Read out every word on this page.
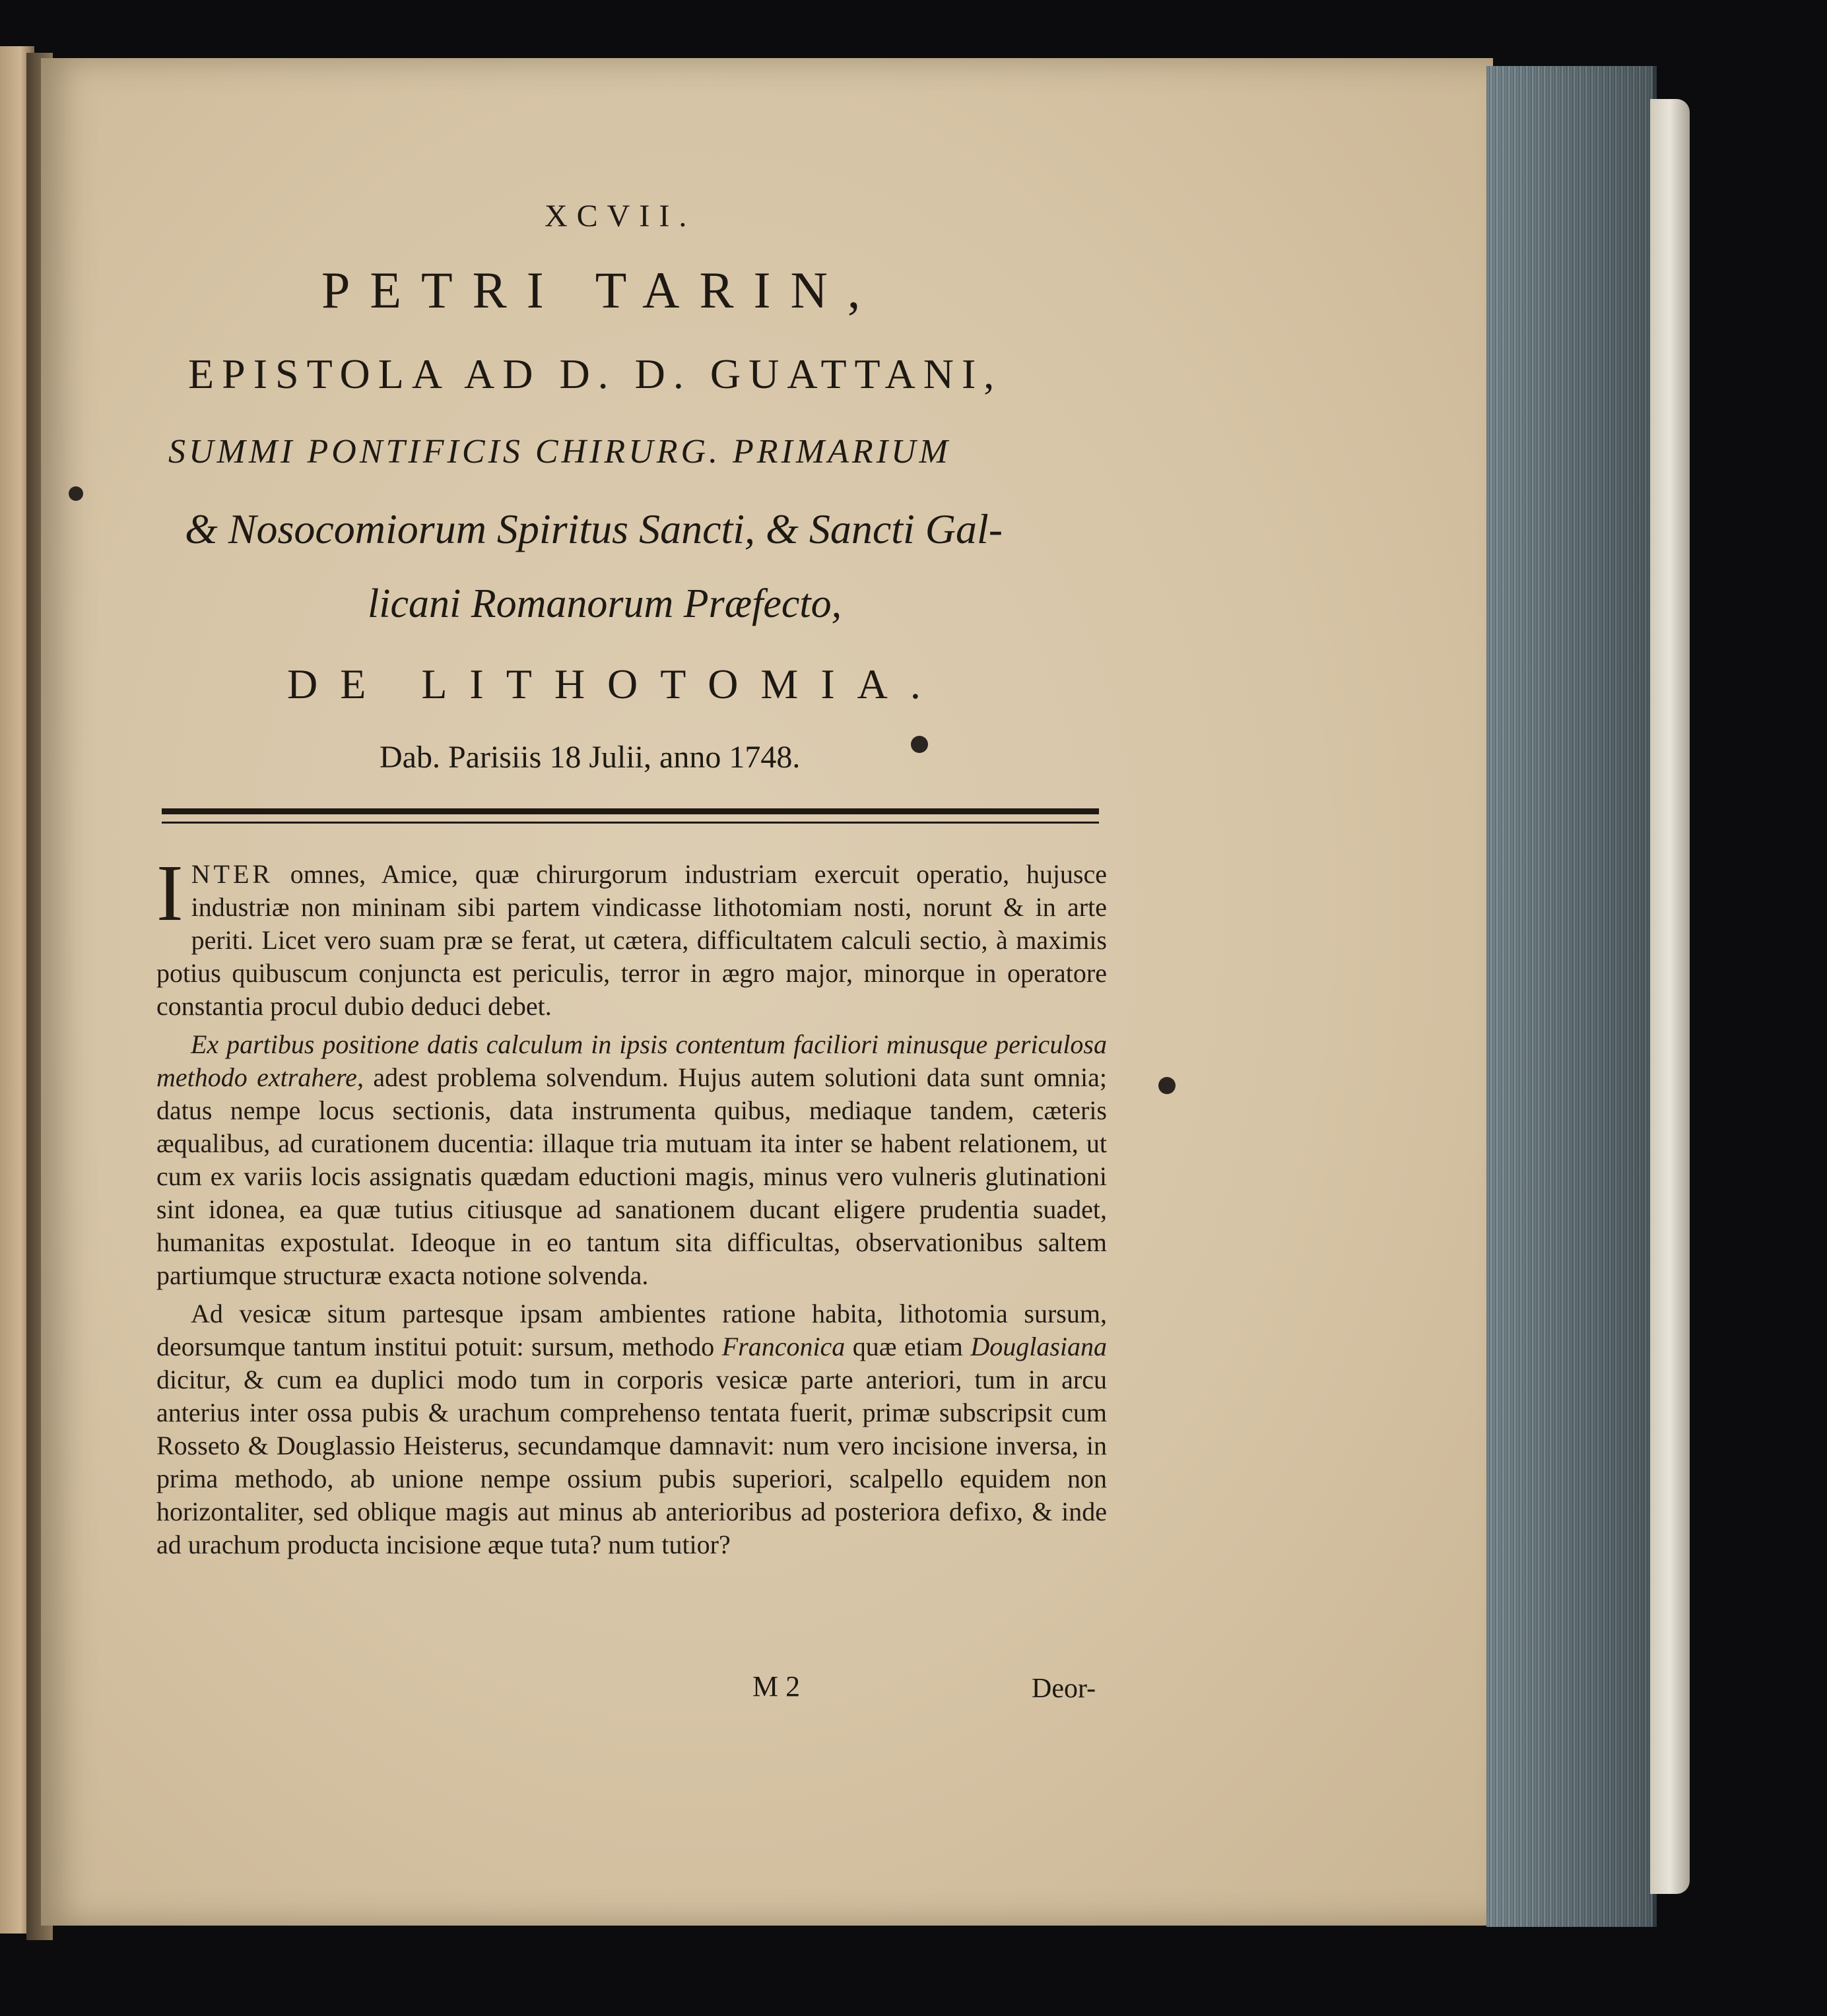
XCVII.
PETRI TARIN,
EPISTOLA AD D. D. GUATTANI,
SUMMI PONTIFICIS CHIRURG. PRIMARIUM
& Nosocomiorum Spiritus Sancti, & Sancti Gal-
licani Romanorum Præfecto,
DE LITHOTOMIA.
Dab. Parisiis 18 Julii, anno 1748.

INTER omnes, Amice, quæ chirurgorum industriam exercuit operatio, hujusce industriæ non mininam sibi partem vindicasse lithotomiam nosti, norunt & in arte periti. Licet vero suam præ se ferat, ut cætera, difficultatem calculi sectio, à maximis potius quibuscum conjuncta est periculis, terror in ægro major, minorque in operatore constantia procul dubio deduci debet.

Ex partibus positione datis calculum in ipsis contentum faciliori minusque periculosa methodo extrahere, adest problema solvendum. Hujus autem solutioni data sunt omnia; datus nempe locus sectionis, data instrumenta quibus, mediaque tandem, cæteris æqualibus, ad curationem ducentia: illaque tria mutuam ita inter se habent relationem, ut cum ex variis locis assignatis quædam eductioni magis, minus vero vulneris glutinationi sint idonea, ea quæ tutius citiusque ad sanationem ducant eligere prudentia suadet, humanitas expostulat. Ideoque in eo tantum sita difficultas, observationibus saltem partiumque structuræ exacta notione solvenda.

Ad vesicæ situm partesque ipsam ambientes ratione habita, lithotomia sursum, deorsumque tantum institui potuit: sursum, methodo Franconica quæ etiam Douglasiana dicitur, & cum ea duplici modo tum in corporis vesicæ parte anteriori, tum in arcu anterius inter ossa pubis & urachum comprehenso tentata fuerit, primæ subscripsit cum Rosseto & Douglassio Heisterus, secundamque damnavit: num vero incisione inversa, in prima methodo, ab unione nempe ossium pubis superiori, scalpello equidem non horizontaliter, sed oblique magis aut minus ab anterioribus ad posteriora defixo, & inde ad urachum producta incisione æque tuta? num tutior?

M 2	Deor-
